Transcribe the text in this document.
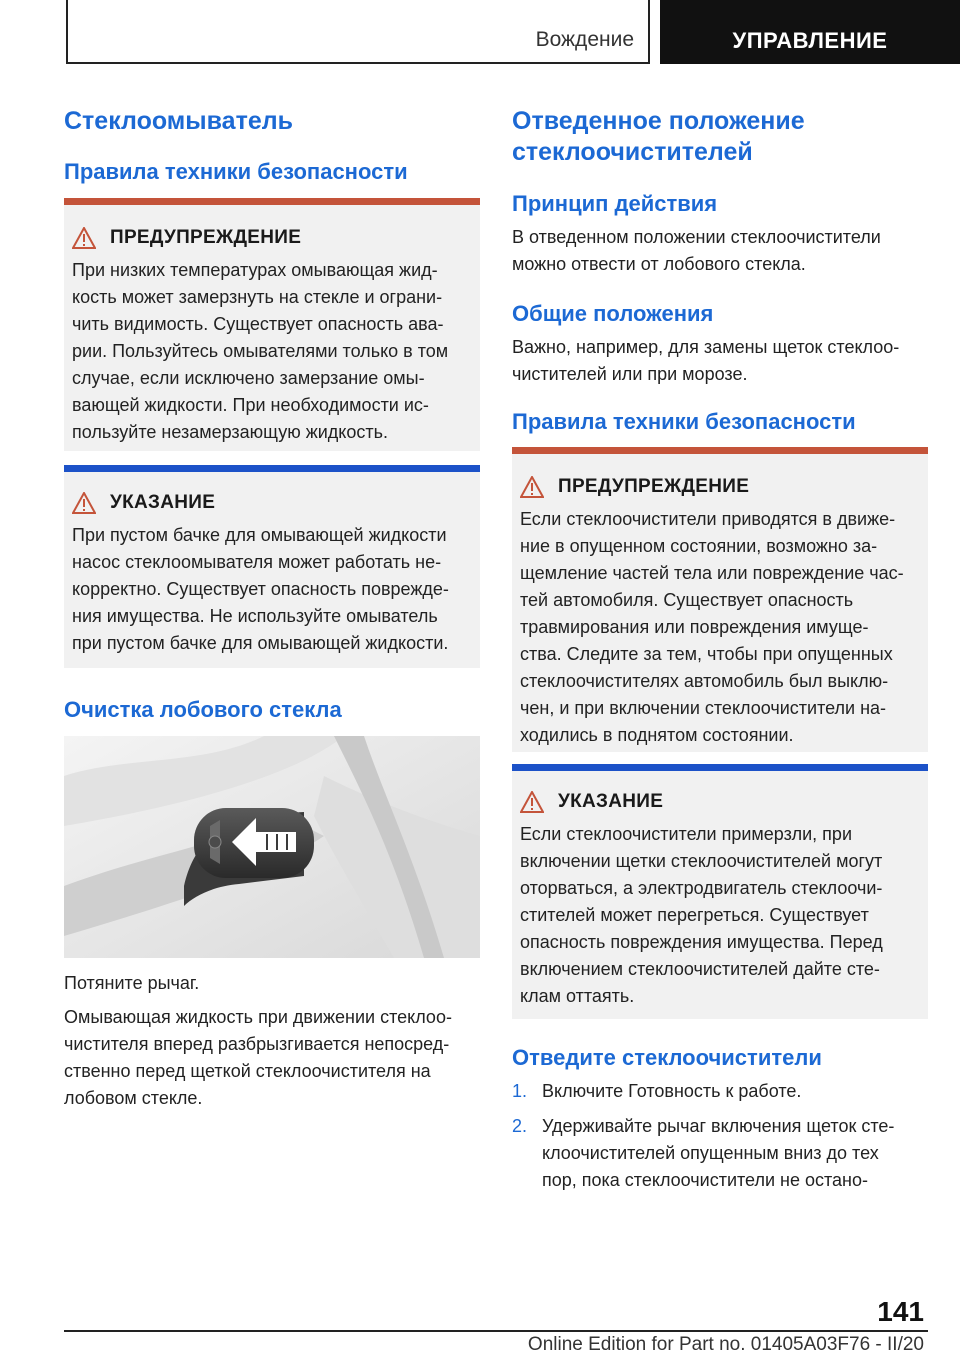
Вождение	УПРАВЛЕНИЕ
Стеклоомыватель
Правила техники безопасности
ПРЕДУПРЕЖДЕНИЕ
При низких температурах омывающая жид-
кость может замерзнуть на стекле и ограни-
чить видимость. Существует опасность ава-
рии. Пользуйтесь омывателями только в том
случае, если исключено замерзание омы-
вающей жидкости. При необходимости ис-
пользуйте незамерзающую жидкость.
УКАЗАНИЕ
При пустом бачке для омывающей жидкости
насос стеклоомывателя может работать не-
корректно. Существует опасность поврежде-
ния имущества. Не используйте омыватель
при пустом бачке для омывающей жидкости.
Очистка лобового стекла
Потяните рычаг.
Омывающая жидкость при движении стеклоо-
чистителя вперед разбрызгивается непосред-
ственно перед щеткой стеклоочистителя на
лобовом стекле.
Отведенное положение
стеклоочистителей
Принцип действия
В отведенном положении стеклоочистители
можно отвести от лобового стекла.
Общие положения
Важно, например, для замены щеток стеклоо-
чистителей или при морозе.
Правила техники безопасности
ПРЕДУПРЕЖДЕНИЕ
Если стеклоочистители приводятся в движе-
ние в опущенном состоянии, возможно за-
щемление частей тела или повреждение час-
тей автомобиля. Существует опасность
травмирования или повреждения имуще-
ства. Следите за тем, чтобы при опущенных
стеклоочистителях автомобиль был выклю-
чен, и при включении стеклоочистители на-
ходились в поднятом состоянии.
УКАЗАНИЕ
Если стеклоочистители примерзли, при
включении щетки стеклоочистителей могут
оторваться, а электродвигатель стеклоочи-
стителей может перегреться. Существует
опасность повреждения имущества. Перед
включением стеклоочистителей дайте сте-
клам оттаять.
Отведите стеклоочистители
1. Включите Готовность к работе.
2. Удерживайте рычаг включения щеток сте-
клоочистителей опущенным вниз до тех
пор, пока стеклоочистители не остано-
141
Online Edition for Part no. 01405A03F76 - II/20
